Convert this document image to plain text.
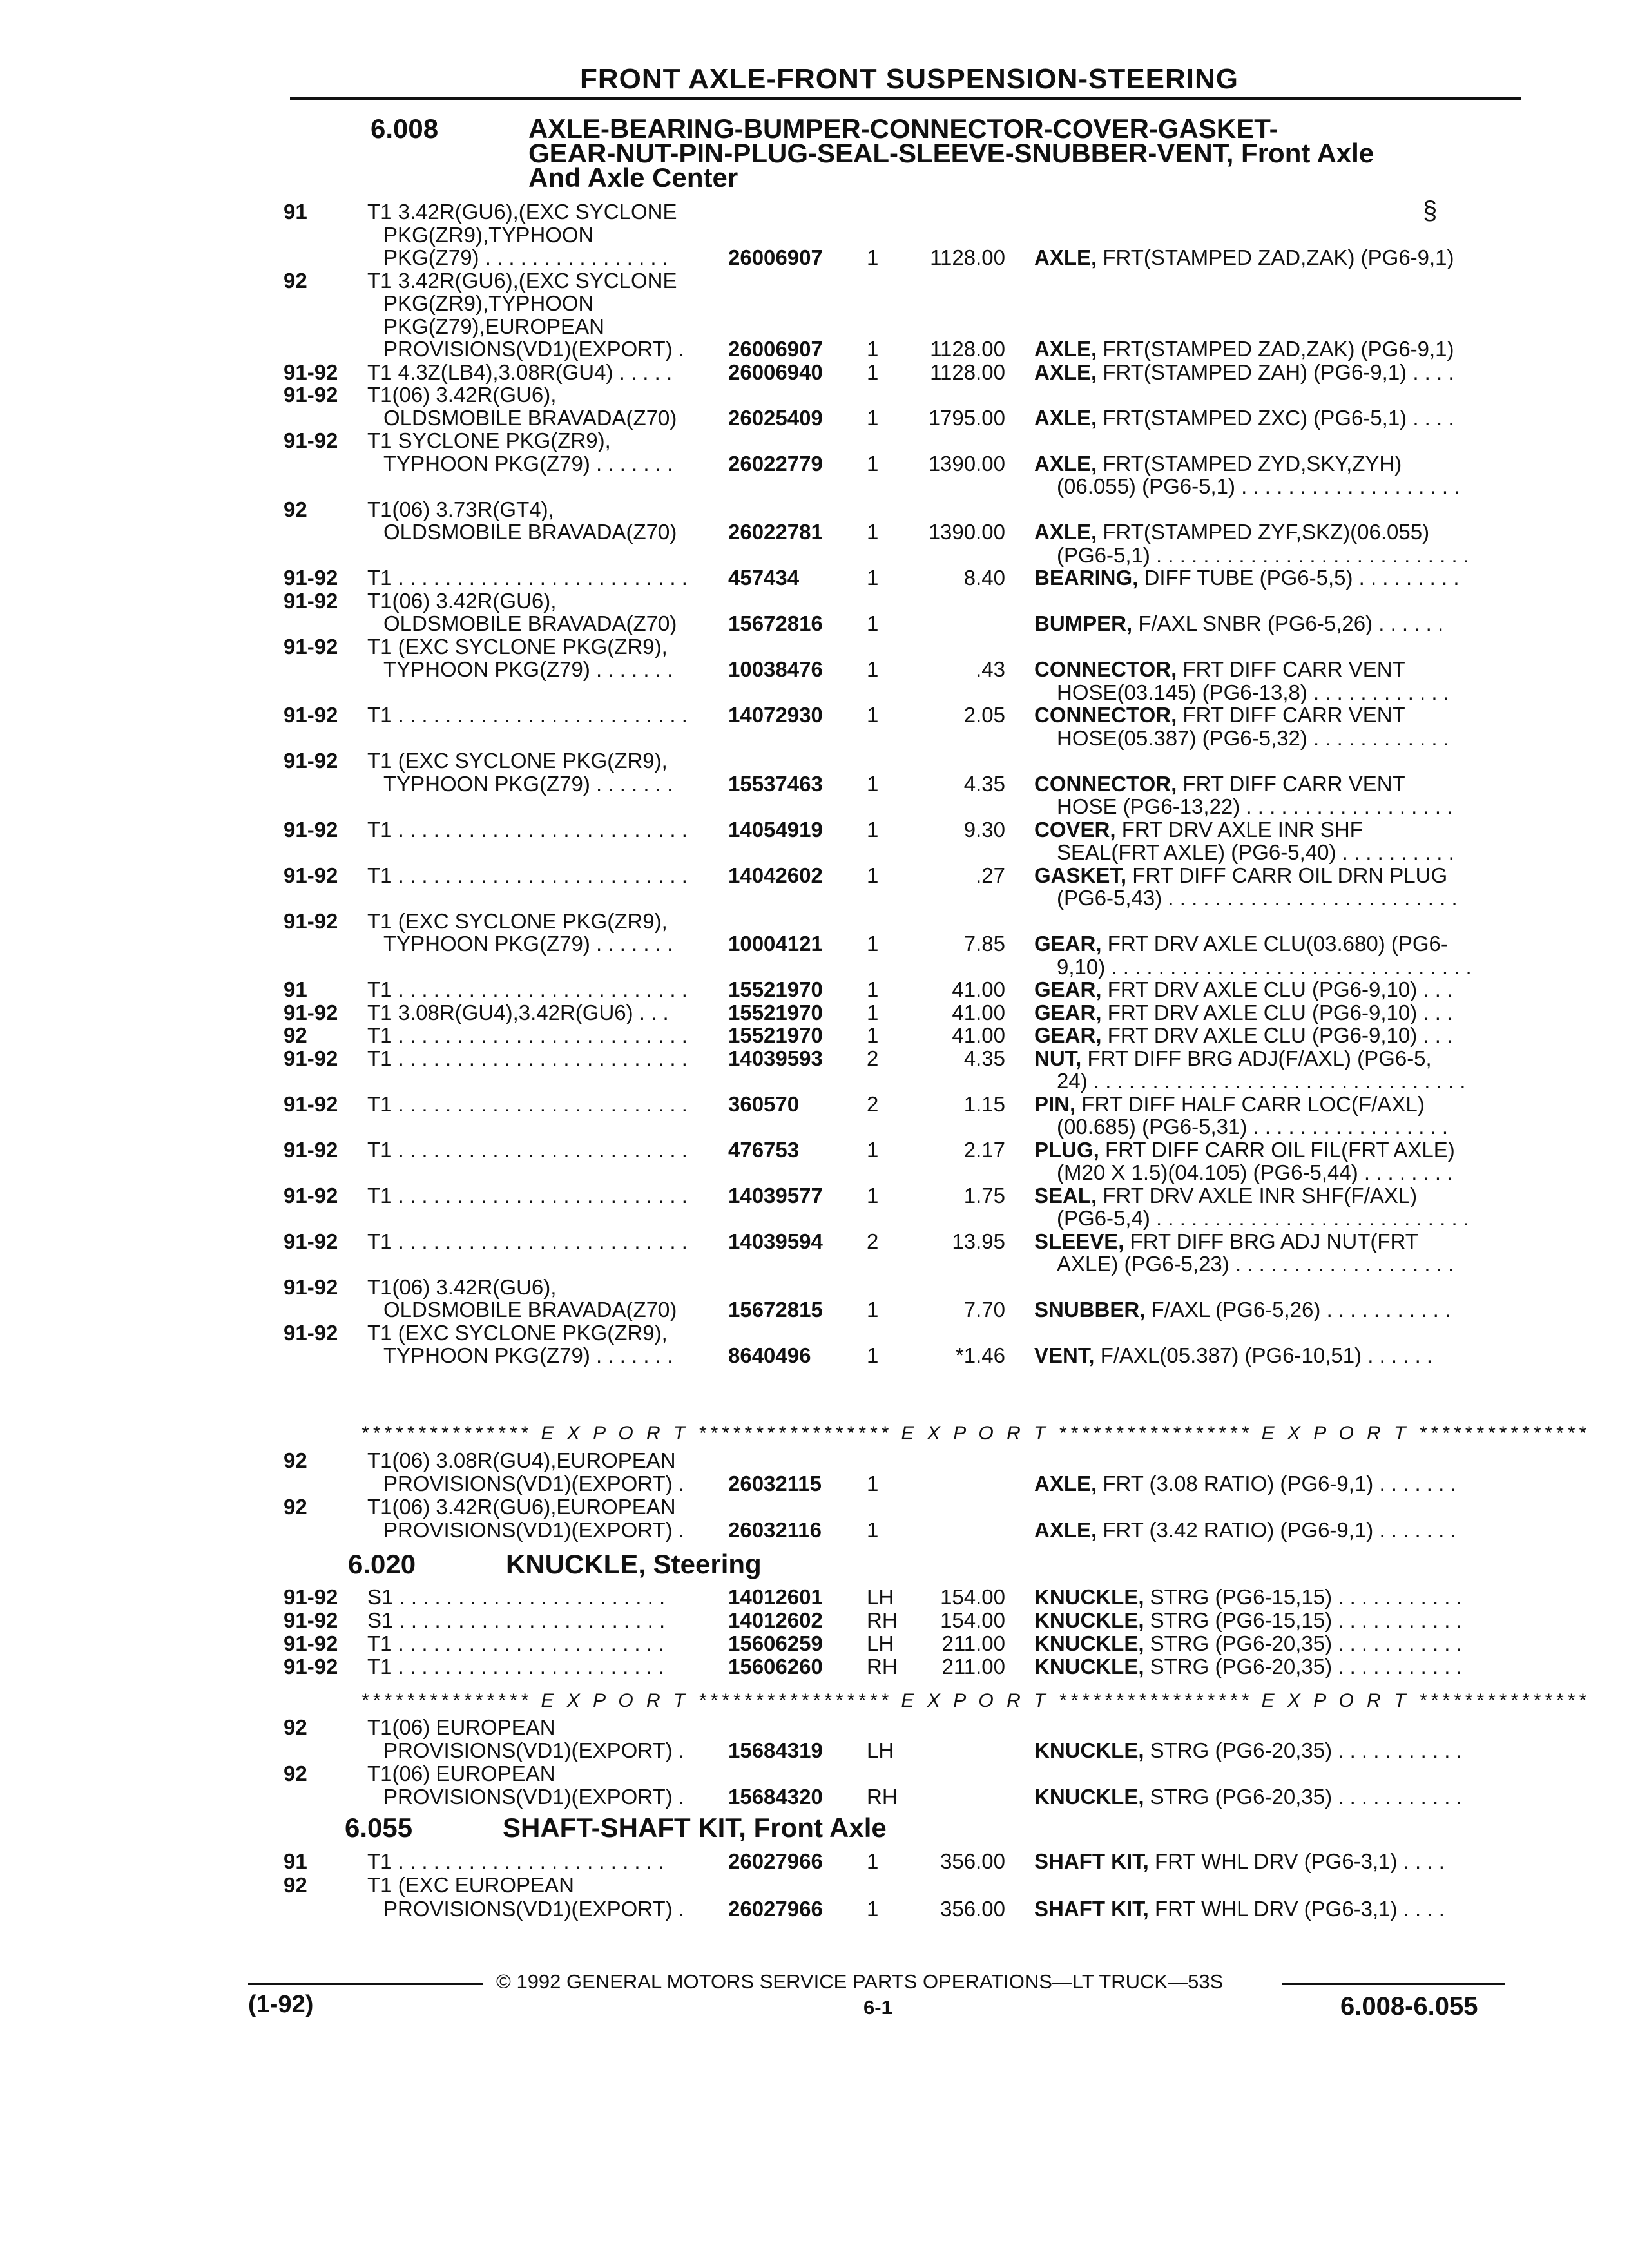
FRONT AXLE-FRONT SUSPENSION-STEERING
§
6.008	AXLE-BEARING-BUMPER-CONNECTOR-COVER-GASKET-
GEAR-NUT-PIN-PLUG-SEAL-SLEEVE-SNUBBER-VENT, Front Axle
And Axle Center
91	T1 3.42R(GU6),(EXC SYCLONE
PKG(ZR9),TYPHOON
PKG(Z79) . . . . . . . . . . . . . . . .	26006907 1 1128.00 AXLE, FRT(STAMPED ZAD,ZAK) (PG6-9,1)
92	T1 3.42R(GU6),(EXC SYCLONE
PKG(ZR9),TYPHOON
PKG(Z79),EUROPEAN
PROVISIONS(VD1)(EXPORT) . 26006907 1 1128.00 AXLE, FRT(STAMPED ZAD,ZAK) (PG6-9,1)
91-92 T1 4.3Z(LB4),3.08R(GU4) . . . . .	26006940 1 1128.00 AXLE, FRT(STAMPED ZAH) (PG6-9,1) . . . .
91-92 T1(06) 3.42R(GU6),
OLDSMOBILE BRAVADA(Z70) 26025409 1 1795.00 AXLE, FRT(STAMPED ZXC) (PG6-5,1) . . . .
91-92 T1 SYCLONE PKG(ZR9),
TYPHOON PKG(Z79) . . . . . . .	26022779 1 1390.00 AXLE, FRT(STAMPED ZYD,SKY,ZYH)
(06.055) (PG6-5,1) . . . . . . . . . . . . . . . . . . .
92	T1(06) 3.73R(GT4),
OLDSMOBILE BRAVADA(Z70) 26022781 1 1390.00 AXLE, FRT(STAMPED ZYF,SKZ)(06.055)
(PG6-5,1) . . . . . . . . . . . . . . . . . . . . . . . . . . .
91-92 T1 . . . . . . . . . . . . . . . . . . . . . . . . . 457434	1	8.40 BEARING, DIFF TUBE (PG6-5,5) . . . . . . . . .
91-92 T1(06) 3.42R(GU6),
OLDSMOBILE BRAVADA(Z70) 15672816 1	BUMPER, F/AXL SNBR (PG6-5,26) . . . . . .
91-92 T1 (EXC SYCLONE PKG(ZR9),
TYPHOON PKG(Z79) . . . . . . .	10038476 1	.43 CONNECTOR, FRT DIFF CARR VENT
HOSE(03.145) (PG6-13,8) . . . . . . . . . . . .
91-92 T1 . . . . . . . . . . . . . . . . . . . . . . . . . 14072930 1	2.05 CONNECTOR, FRT DIFF CARR VENT
HOSE(05.387) (PG6-5,32) . . . . . . . . . . . .
91-92 T1 (EXC SYCLONE PKG(ZR9),
TYPHOON PKG(Z79) . . . . . . .	15537463 1	4.35 CONNECTOR, FRT DIFF CARR VENT
HOSE (PG6-13,22) . . . . . . . . . . . . . . . . . .
91-92 T1 . . . . . . . . . . . . . . . . . . . . . . . . . 14054919 1	9.30 COVER, FRT DRV AXLE INR SHF
SEAL(FRT AXLE) (PG6-5,40) . . . . . . . . . .
91-92 T1 . . . . . . . . . . . . . . . . . . . . . . . . . 14042602 1	.27 GASKET, FRT DIFF CARR OIL DRN PLUG
(PG6-5,43) . . . . . . . . . . . . . . . . . . . . . . . . .
91-92 T1 (EXC SYCLONE PKG(ZR9),
TYPHOON PKG(Z79) . . . . . . .	10004121 1	7.85 GEAR, FRT DRV AXLE CLU(03.680) (PG6-
9,10) . . . . . . . . . . . . . . . . . . . . . . . . . . . . . . .
91	T1 . . . . . . . . . . . . . . . . . . . . . . . . . 15521970 1	41.00 GEAR, FRT DRV AXLE CLU (PG6-9,10) . . .
91-92 T1 3.08R(GU4),3.42R(GU6) . . .	15521970 1	41.00 GEAR, FRT DRV AXLE CLU (PG6-9,10) . . .
92	T1 . . . . . . . . . . . . . . . . . . . . . . . . . 15521970 1	41.00 GEAR, FRT DRV AXLE CLU (PG6-9,10) . . .
91-92 T1 . . . . . . . . . . . . . . . . . . . . . . . . . 14039593 2	4.35 NUT, FRT DIFF BRG ADJ(F/AXL) (PG6-5,
24) . . . . . . . . . . . . . . . . . . . . . . . . . . . . . . . .
91-92 T1 . . . . . . . . . . . . . . . . . . . . . . . . . 360570	2	1.15 PIN, FRT DIFF HALF CARR LOC(F/AXL)
(00.685) (PG6-5,31) . . . . . . . . . . . . . . . . .
91-92 T1 . . . . . . . . . . . . . . . . . . . . . . . . . 476753	1	2.17 PLUG, FRT DIFF CARR OIL FIL(FRT AXLE)
(M20 X 1.5)(04.105) (PG6-5,44) . . . . . . . .
91-92 T1 . . . . . . . . . . . . . . . . . . . . . . . . . 14039577 1	1.75 SEAL, FRT DRV AXLE INR SHF(F/AXL)
(PG6-5,4) . . . . . . . . . . . . . . . . . . . . . . . . . . .
91-92 T1 . . . . . . . . . . . . . . . . . . . . . . . . . 14039594 2	13.95 SLEEVE, FRT DIFF BRG ADJ NUT(FRT
AXLE) (PG6-5,23) . . . . . . . . . . . . . . . . . . .
91-92 T1(06) 3.42R(GU6),
OLDSMOBILE BRAVADA(Z70) 15672815 1	7.70 SNUBBER, F/AXL (PG6-5,26) . . . . . . . . . . .
91-92 T1 (EXC SYCLONE PKG(ZR9),
TYPHOON PKG(Z79) . . . . . . .	8640496	1	*1.46 VENT, F/AXL(05.387) (PG6-10,51) . . . . . .
*************** E X P O R T ***************** E X P O R T ***************** E X P O R T ***************
92	T1(06) 3.08R(GU4),EUROPEAN
PROVISIONS(VD1)(EXPORT) . 26032115 1	AXLE, FRT (3.08 RATIO) (PG6-9,1) . . . . . . .
92	T1(06) 3.42R(GU6),EUROPEAN
PROVISIONS(VD1)(EXPORT) . 26032116 1	AXLE, FRT (3.42 RATIO) (PG6-9,1) . . . . . . .
6.020	KNUCKLE, Steering
91-92 S1 . . . . . . . . . . . . . . . . . . . . . . .	14012601 LH	154.00 KNUCKLE, STRG (PG6-15,15) . . . . . . . . . . .
91-92 S1 . . . . . . . . . . . . . . . . . . . . . . .	14012602 RH	154.00 KNUCKLE, STRG (PG6-15,15) . . . . . . . . . . .
91-92 T1 . . . . . . . . . . . . . . . . . . . . . . .	15606259 LH	211.00 KNUCKLE, STRG (PG6-20,35) . . . . . . . . . . .
91-92 T1 . . . . . . . . . . . . . . . . . . . . . . .	15606260 RH	211.00 KNUCKLE, STRG (PG6-20,35) . . . . . . . . . . .
*************** E X P O R T ***************** E X P O R T ***************** E X P O R T ***************
92	T1(06) EUROPEAN
PROVISIONS(VD1)(EXPORT) . 15684319 LH	KNUCKLE, STRG (PG6-20,35) . . . . . . . . . . .
92	T1(06) EUROPEAN
PROVISIONS(VD1)(EXPORT) . 15684320 RH	KNUCKLE, STRG (PG6-20,35) . . . . . . . . . . .
6.055	SHAFT-SHAFT KIT, Front Axle
91	T1 . . . . . . . . . . . . . . . . . . . . . . .	26027966 1	356.00 SHAFT KIT, FRT WHL DRV (PG6-3,1) . . . .
92	T1 (EXC EUROPEAN
PROVISIONS(VD1)(EXPORT) . 26027966 1	356.00 SHAFT KIT, FRT WHL DRV (PG6-3,1) . . . .
© 1992 GENERAL MOTORS SERVICE PARTS OPERATIONS—LT TRUCK—53S
(1-92)	6-1	6.008-6.055
